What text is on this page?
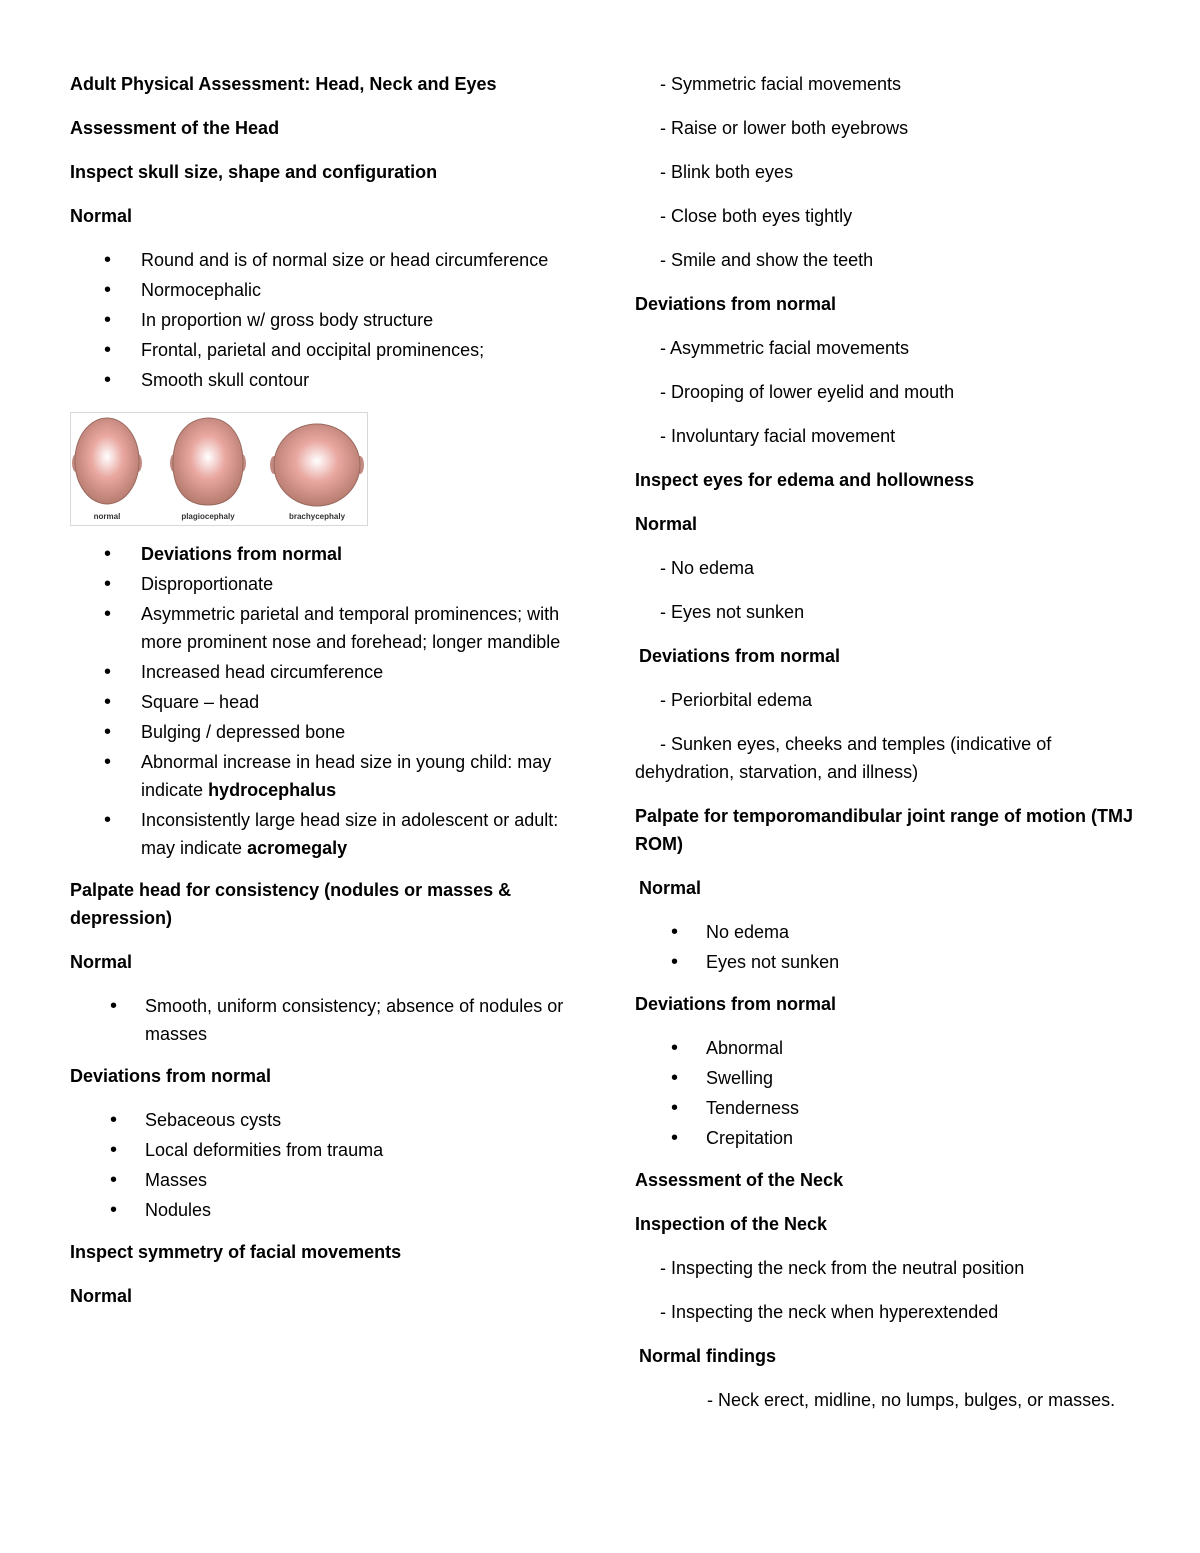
Adult Physical Assessment: Head, Neck and Eyes
Assessment of the Head
Inspect skull size, shape and configuration
Normal
• Round and is of normal size or head circumference
• Normocephalic
• In proportion w/ gross body structure
• Frontal, parietal and occipital prominences;
• Smooth skull contour
normal	plagiocephaly	brachycephaly
• Deviations from normal
• Disproportionate
• Asymmetric parietal and temporal prominences; with more prominent nose and forehead; longer mandible
• Increased head circumference
• Square – head
• Bulging / depressed bone
• Abnormal increase in head size in young child: may indicate hydrocephalus
• Inconsistently large head size in adolescent or adult: may indicate acromegaly
Palpate head for consistency (nodules or masses & depression)
Normal
• Smooth, uniform consistency; absence of nodules or masses
Deviations from normal
• Sebaceous cysts
• Local deformities from trauma
• Masses
• Nodules
Inspect symmetry of facial movements
Normal
- Symmetric facial movements
- Raise or lower both eyebrows
- Blink both eyes
- Close both eyes tightly
- Smile and show the teeth
Deviations from normal
- Asymmetric facial movements
- Drooping of lower eyelid and mouth
- Involuntary facial movement
Inspect eyes for edema and hollowness
Normal
- No edema
- Eyes not sunken
Deviations from normal
- Periorbital edema
- Sunken eyes, cheeks and temples (indicative of dehydration, starvation, and illness)
Palpate for temporomandibular joint range of motion (TMJ ROM)
Normal
• No edema
• Eyes not sunken
Deviations from normal
• Abnormal
• Swelling
• Tenderness
• Crepitation
Assessment of the Neck
Inspection of the Neck
- Inspecting the neck from the neutral position
- Inspecting the neck when hyperextended
Normal findings
- Neck erect, midline, no lumps, bulges, or masses.
